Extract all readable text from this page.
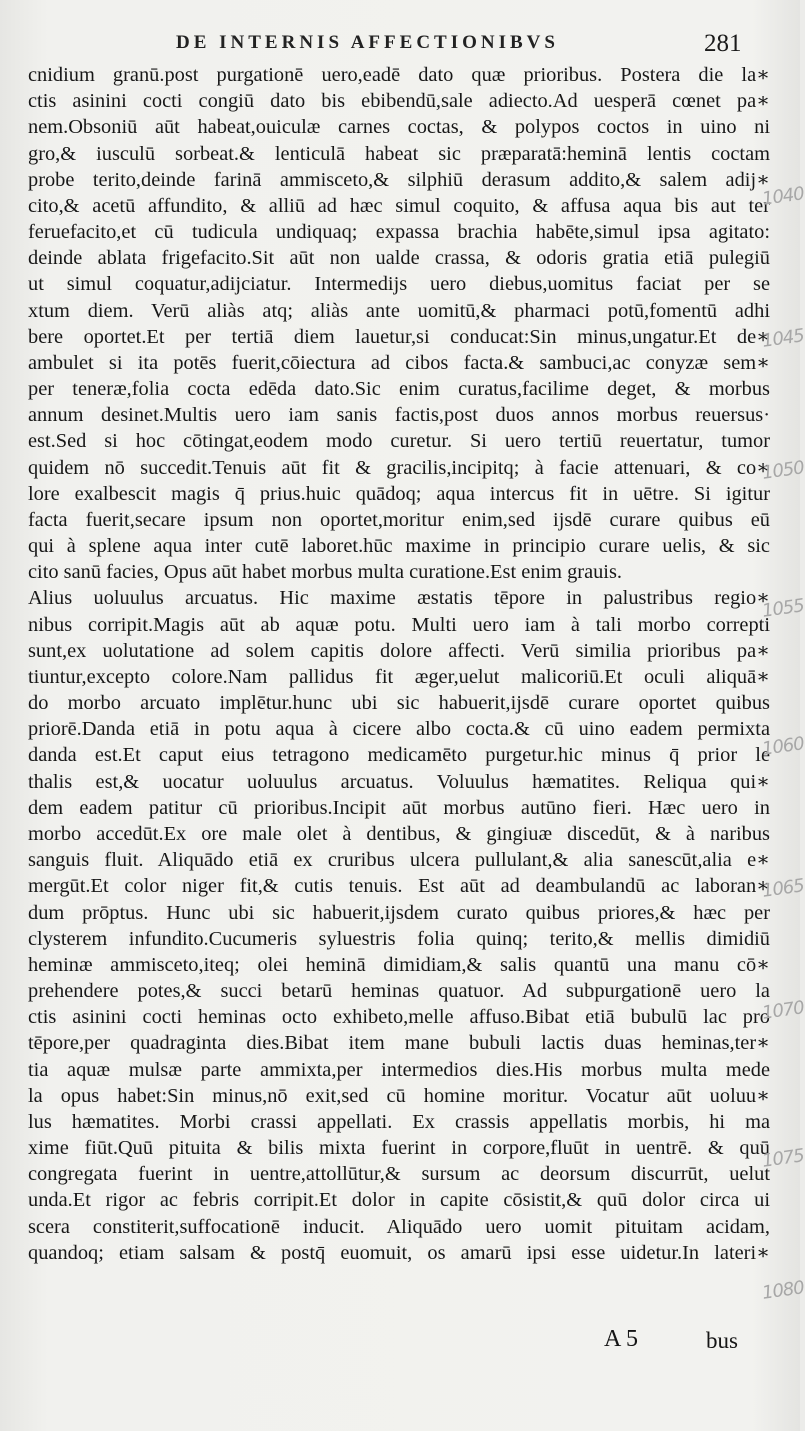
DE INTERNIS AFFECTIONIBVS	281
cnidium granū.post purgationē uero,eadē dato quæ prioribus. Postera die la∗
ctis asinini cocti congiū dato bis ebibendū,sale adiecto.Ad uesperā cœnet pa∗
nem.Obsoniū aūt habeat,ouiculæ carnes coctas, & polypos coctos in uino ni
gro,& iusculū sorbeat.& lenticulā habeat sic præparatā:heminā lentis coctam
probe terito,deinde farinā ammisceto,& silphiū derasum addito,& salem adij∗
cito,& acetū affundito, & alliū ad hæc simul coquito, & affusa aqua bis aut ter
feruefacito,et cū tudicula undiquaq; expassa brachia habēte,simul ipsa agitato:
deinde ablata frigefacito.Sit aūt non ualde crassa, & odoris gratia etiā pulegiū
ut simul coquatur,adijciatur. Intermedijs uero diebus,uomitus faciat per se
xtum diem. Verū aliàs atq; aliàs ante uomitū,& pharmaci potū,fomentū adhi
bere oportet.Et per tertiā diem lauetur,si conducat:Sin minus,ungatur.Et de∗
ambulet si ita potēs fuerit,cōiectura ad cibos facta.& sambuci,ac conyzæ sem∗
per teneræ,folia cocta edēda dato.Sic enim curatus,facilime deget, & morbus
annum desinet.Multis uero iam sanis factis,post duos annos morbus reuersus·
est.Sed si hoc cōtingat,eodem modo curetur. Si uero tertiū reuertatur, tumor
quidem nō succedit.Tenuis aūt fit & gracilis,incipitq; à facie attenuari, & co∗
lore exalbescit magis q̄ prius.huic quādoq; aqua intercus fit in uētre. Si igitur
facta fuerit,secare ipsum non oportet,moritur enim,sed ijsdē curare quibus eū
qui à splene aqua inter cutē laboret.hūc maxime in principio curare uelis, & sic
cito sanū facies, Opus aūt habet morbus multa curatione.Est enim grauis.
Alius uoluulus arcuatus. Hic maxime æstatis tēpore in palustribus regio∗
nibus corripit.Magis aūt ab aquæ potu. Multi uero iam à tali morbo correpti
sunt,ex uolutatione ad solem capitis dolore affecti. Verū similia prioribus pa∗
tiuntur,excepto colore.Nam pallidus fit æger,uelut malicoriū.Et oculi aliquā∗
do morbo arcuato implētur.hunc ubi sic habuerit,ijsdē curare oportet quibus
priorē.Danda etiā in potu aqua à cicere albo cocta.& cū uino eadem permixta
danda est.Et caput eius tetragono medicamēto purgetur.hic minus q̄ prior le
thalis est,& uocatur uoluulus arcuatus. Voluulus hæmatites. Reliqua qui∗
dem eadem patitur cū prioribus.Incipit aūt morbus autūno fieri. Hæc uero in
morbo accedūt.Ex ore male olet à dentibus, & gingiuæ discedūt, & à naribus
sanguis fluit. Aliquādo etiā ex cruribus ulcera pullulant,& alia sanescūt,alia e∗
mergūt.Et color niger fit,& cutis tenuis. Est aūt ad deambulandū ac laboran∗
dum prōptus. Hunc ubi sic habuerit,ijsdem curato quibus priores,& hæc per
clysterem infundito.Cucumeris syluestris folia quinq; terito,& mellis dimidiū
heminæ ammisceto,iteq; olei heminā dimidiam,& salis quantū una manu cō∗
prehendere potes,& succi betarū heminas quatuor. Ad subpurgationē uero la
ctis asinini cocti heminas octo exhibeto,melle affuso.Bibat etiā bubulū lac pro
tēpore,per quadraginta dies.Bibat item mane bubuli lactis duas heminas,ter∗
tia aquæ mulsæ parte ammixta,per intermedios dies.His morbus multa mede
la opus habet:Sin minus,nō exit,sed cū homine moritur. Vocatur aūt uoluu∗
lus hæmatites. Morbi crassi appellati. Ex crassis appellatis morbis, hi ma
xime fiūt.Quū pituita & bilis mixta fuerint in corpore,fluūt in uentrē. & quū
congregata fuerint in uentre,attollūtur,& sursum ac deorsum discurrūt, uelut
unda.Et rigor ac febris corripit.Et dolor in capite cōsistit,& quū dolor circa ui
scera constiterit,suffocationē inducit. Aliquādo uero uomit pituitam acidam,
quandoq; etiam salsam & postq̄ euomuit, os amarū ipsi esse uidetur.In lateri∗
1040
1045
1050
1055
1060
1065
1070
1075
1080
A 5	bus
